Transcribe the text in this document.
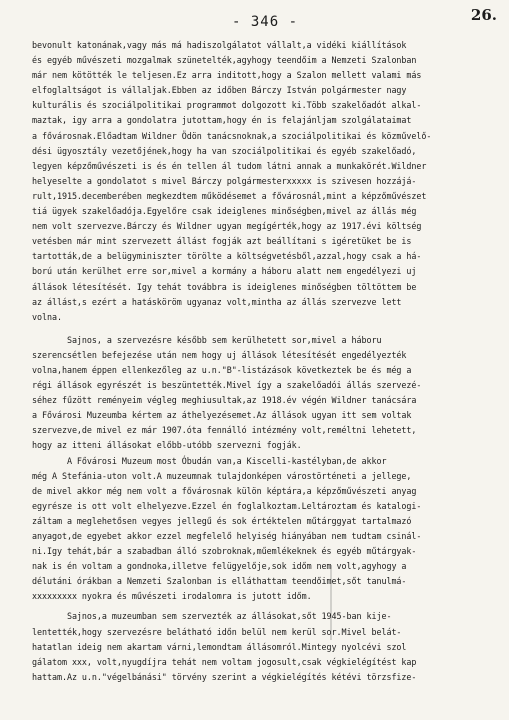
- 346 -	26.
bevonult katonának,vagy más má hadiszolgálatot vállalt,a vidéki kiállítások
és egyéb művészeti mozgalmak szünetelték,agyhogy teendőim a Nemzeti Szalonban
már nem kötötték le teljesen.Ez arra inditott,hogy a Szalon mellett valami más
elfoglaltságot is vállaljak.Ebben az időben Bárczy István polgármester nagy
kulturális és szociálpolitikai programmot dolgozott ki.Több szakelőadót alkal-
maztak, igy arra a gondolatra jutottam,hogy én is felajánljam szolgálataimat
a fővárosnak.Előadtam Wildner Ödön tanácsnoknak,a szociálpolitikai és közművelő-
dési ügyosztály vezetőjének,hogy ha van szociálpolitikai és egyéb szakelőadó,
legyen képzőművészeti is és én tellen ál tudom látni annak a munkakörét.Wildner
helyeselte a gondolatot s mivel Bárczy polgármesterxxxxx is szivesen hozzájá-
rult,1915.decemberében megkezdtem működésemet a fővárosnál,mint a képzőművészet
tiá ügyek szakelőadója.Egyelőre csak ideiglenes minőségben,mivel az állás még
nem volt szervezve.Bárczy és Wildner ugyan megígérték,hogy az 1917.évi költség
vetésben már mint szervezett állást fogják azt beállítani s igéretüket be is
tartották,de a belügyminiszter törölte a költségvetésből,azzal,hogy csak a há-
ború után kerülhet erre sor,mivel a kormány a háboru alatt nem engedélyezi uj
állások létesítését. Igy tehát továbbra is ideiglenes minőségben töltöttem be
az állást,s ezért a hatásköröm ugyanaz volt,mintha az állás szervezve lett
volna.
Sajnos, a szervezésre később sem kerülhetett sor,mivel a háboru
szerencsétlen befejezése után nem hogy uj állások létesítését engedélyezték
volna,hanem éppen ellenkezőleg az u.n."B"-listázások következtek be és még a
régi állások egyrészét is beszüntették.Mivel így a szakelőadói állás szervezé-
séhez fűzött reményeim végleg meghiusultak,az 1918.év végén Wildner tanácsára
a Fővárosi Muzeumba kértem az áthelyezésemet.Az állások ugyan itt sem voltak
szervezve,de mivel ez már 1907.óta fennálló intézmény volt,reméltni lehetett,
hogy az itteni állásokat előbb-utóbb szervezni fogják.
A Fővárosi Muzeum most Óbudán van,a Kiscelli-kastélyban,de akkor
még A Stefánia-uton volt.A muzeumnak tulajdonképen várostörténeti a jellege,
de mivel akkor még nem volt a fővárosnak külön képtára,a képzőművészeti anyag
egyrésze is ott volt elhelyezve.Ezzel én foglalkoztam.Leltároztam és katalogi-
záltam a meglehetősen vegyes jellegű és sok értéktelen műtárggyat tartalmazó
anyagot,de egyebet akkor ezzel megfelelő helyiség hiányában nem tudtam csinál-
ni.Igy tehát,bár a szabadban álló szobroknak,műemlékeknek és egyéb műtárgyak-
nak is én voltam a gondnoka,illetve felügyelője,sok időm nem volt,agyhogy a
délutáni órákban a Nemzeti Szalonban is elláthattam teendőimet,sőt tanulmá-
xxxxxxxxx nyokra és művészeti irodalomra is jutott időm.
Sajnos,a muzeumban sem szervezték az állásokat,sőt 1945-ban kije-
lentették,hogy szervezésre belátható időn belül nem kerül sor.Mivel belát-
hatatlan ideig nem akartam várni,lemondtam állásomról.Mintegy nyolcévi szol
gálatom xxx, volt,nyugdíjra tehát nem voltam jogosult,csak végkielégítést kap
hattam.Az u.n."végelbánási" törvény szerint a végkielégítés kétévi törzsfize-
